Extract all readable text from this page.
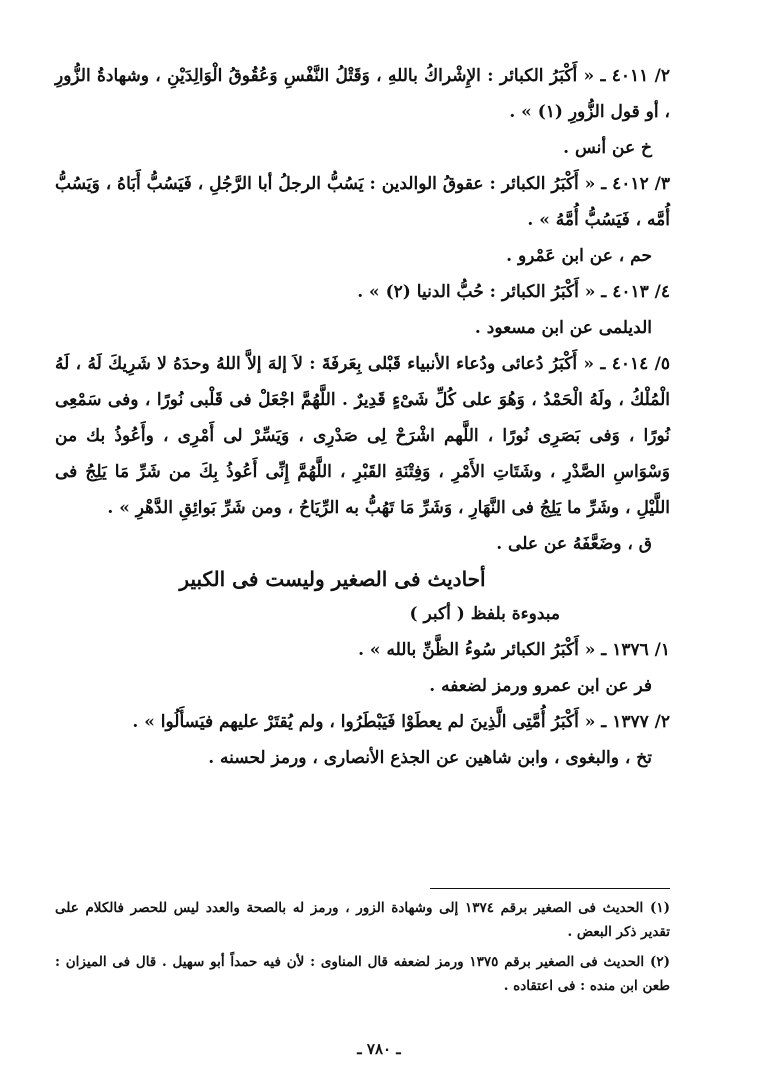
٢/ ٤٠١١ ـ « أَكْبَرُ الكبائر : الإِشْراكُ باللهِ ، وَقَتْلُ النَّفْسِ وَعُقُوقُ الْوَالِدَيْنِ ، وشهادةُ الزُّورِ ، أو قول الزُّورِ (١) » .

خ عن أنس .

٣/ ٤٠١٢ ـ « أَكْبَرُ الكبائر : عقوقُ الوالدين : يَسُبُّ الرجلُ أبا الرَّجُلِ ، فَيَسُبُّ أَبَاهُ ، وَيَسُبُّ أُمَّه ، فَيَسُبُّ أُمَّهُ » .

حم ، عن ابن عَمْرو .

٤/ ٤٠١٣ ـ « أَكْبَرُ الكبائر : حُبُّ الدنيا (٢) » .

الديلمى عن ابن مسعود .

٥/ ٤٠١٤ ـ « أَكْبَرُ دُعائى ودُعاء الأنبياء قَبْلى بِعَرفَةَ : لاَ إلهَ إلاَّ اللهُ وحدَهُ لا شَرِيكَ لَهُ ، لَهُ الْمُلْكُ ، ولَهُ الْحَمْدُ ، وَهُوَ على كُلِّ شَىْءٍ قَدِيرٌ . اللَّهُمَّ اجْعَلْ فى قَلْبى نُورًا ، وفى سَمْعِى نُورًا ، وَفى بَصَرِى نُورًا ، اللَّهم اشْرَحْ لِى صَدْرِى ، وَيَسِّرْ لى أَمْرِى ، وأَعُوذُ بك من وَسْوَاسِ الصَّدْرِ ، وشَتَاتِ الأَمْرِ ، وَفِتْنَةِ القَبْرِ ، اللَّهُمَّ إِنِّى أَعُوذُ بِكَ من شَرِّ مَا يَلِجُ فى اللَّيْلِ ، وشَرِّ ما يَلِجُ فى النَّهَارِ ، وَشَرِّ مَا تَهُبُّ به الرِّيَاحُ ، ومن شَرِّ بَوائِقِ الدَّهْرِ » .

ق ، وضَعَّفَهُ عن على .

أحاديث فى الصغير وليست فى الكبير

مبدوءة بلفظ ( أكبر )

١/ ١٣٧٦ ـ « أَكْبَرُ الكبائر سُوءُ الظَّنِّ بالله » .

فر عن ابن عمرو ورمز لضعفه .

٢/ ١٣٧٧ ـ « أَكْبَرُ أُمَّتِى الَّذِينَ لم يعطَوْا فَيَبْطَرُوا ، ولم يُقتَرْ عليهم فيَسأَلُوا » .

تخ ، والبغوى ، وابن شاهين عن الجذع الأنصارى ، ورمز لحسنه .

(١) الحديث فى الصغير برقم ١٣٧٤ إلى وشهادة الزور ، ورمز له بالصحة والعدد ليس للحصر فالكلام على تقدير ذكر البعض .

(٢) الحديث فى الصغير برقم ١٣٧٥ ورمز لضعفه قال المناوى : لأن فيه حمداً أبو سهيل . قال فى الميزان : طعن ابن منده : فى اعتقاده .

ـ ٧٨٠ ـ
